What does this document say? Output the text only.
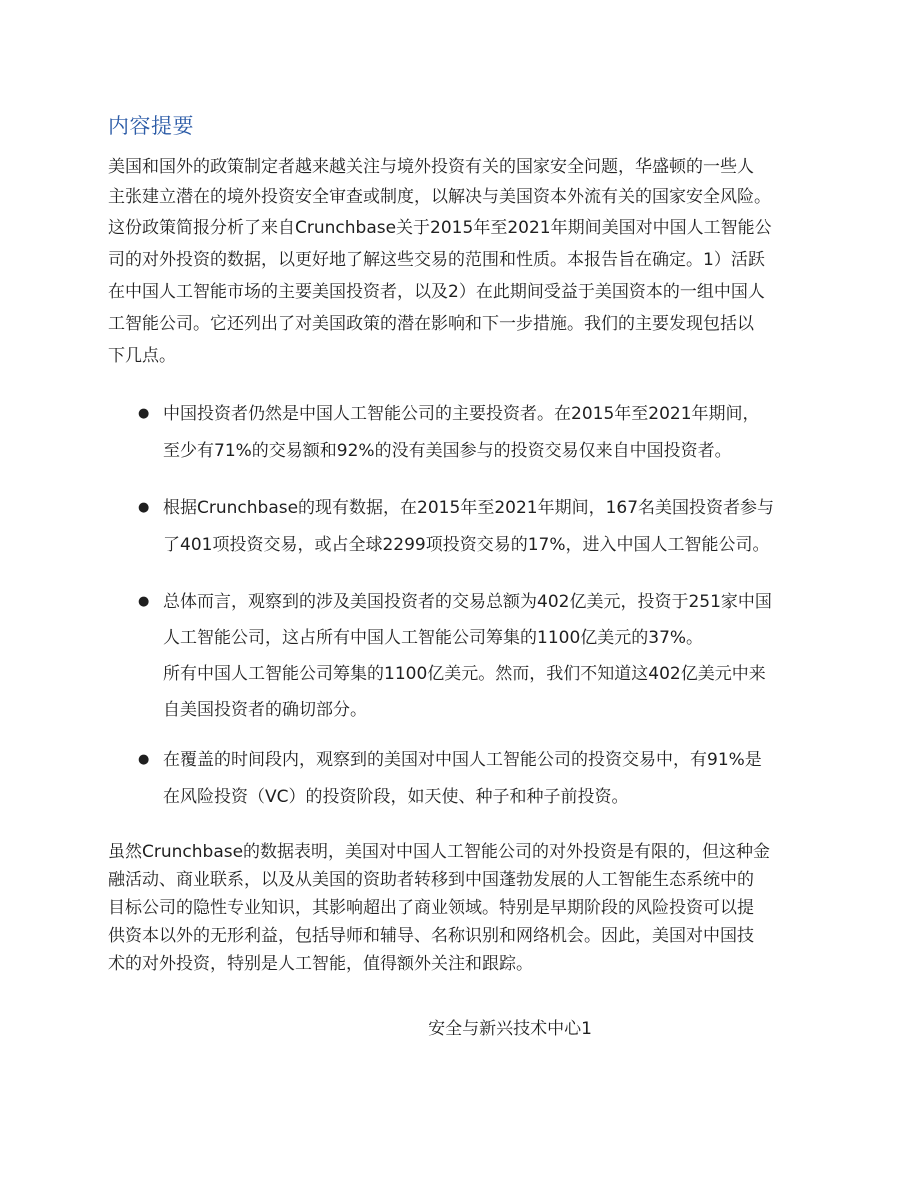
内容提要
美国和国外的政策制定者越来越关注与境外投资有关的国家安全问题，华盛顿的一些人
主张建立潜在的境外投资安全审查或制度，以解决与美国资本外流有关的国家安全风险。
这份政策简报分析了来自Crunchbase关于2015年至2021年期间美国对中国人工智能公
司的对外投资的数据，以更好地了解这些交易的范围和性质。本报告旨在确定。1）活跃
在中国人工智能市场的主要美国投资者，以及2）在此期间受益于美国资本的一组中国人
工智能公司。它还列出了对美国政策的潜在影响和下一步措施。我们的主要发现包括以
下几点。
● 中国投资者仍然是中国人工智能公司的主要投资者。在2015年至2021年期间，
至少有71%的交易额和92%的没有美国参与的投资交易仅来自中国投资者。
● 根据Crunchbase的现有数据，在2015年至2021年期间，167名美国投资者参与
了401项投资交易，或占全球2299项投资交易的17%，进入中国人工智能公司。
● 总体而言，观察到的涉及美国投资者的交易总额为402亿美元，投资于251家中国
人工智能公司，这占所有中国人工智能公司筹集的1100亿美元的37%。
所有中国人工智能公司筹集的1100亿美元。然而，我们不知道这402亿美元中来
自美国投资者的确切部分。
● 在覆盖的时间段内，观察到的美国对中国人工智能公司的投资交易中，有91%是
在风险投资（VC）的投资阶段，如天使、种子和种子前投资。
虽然Crunchbase的数据表明，美国对中国人工智能公司的对外投资是有限的，但这种金
融活动、商业联系，以及从美国的资助者转移到中国蓬勃发展的人工智能生态系统中的
目标公司的隐性专业知识，其影响超出了商业领域。特别是早期阶段的风险投资可以提
供资本以外的无形利益，包括导师和辅导、名称识别和网络机会。因此，美国对中国技
术的对外投资，特别是人工智能，值得额外关注和跟踪。
安全与新兴技术中心1
